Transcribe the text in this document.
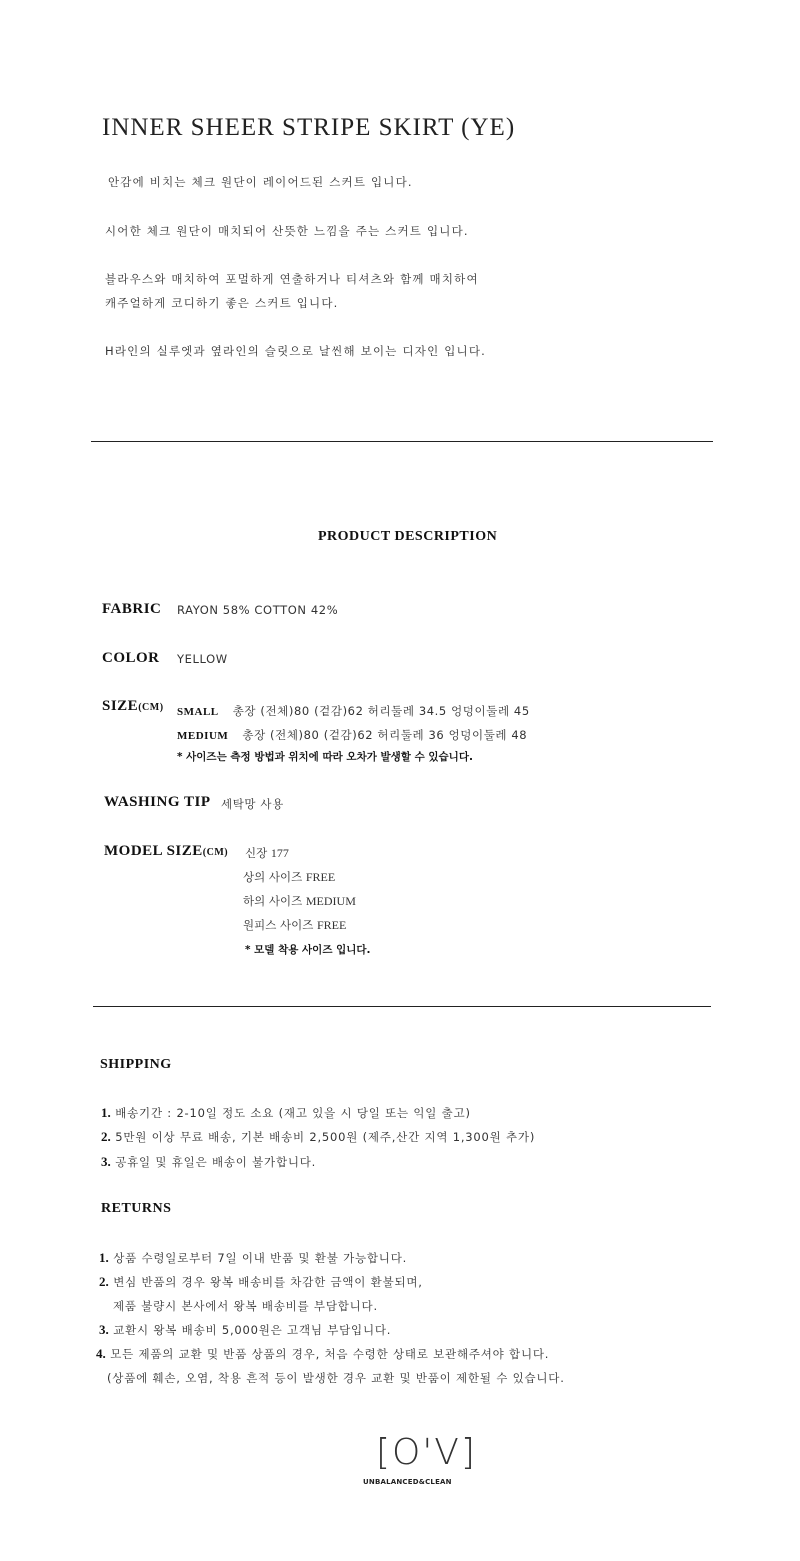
INNER SHEER STRIPE SKIRT (YE)
안감에 비치는 체크 원단이 레이어드된 스커트 입니다.
시어한 체크 원단이 매치되어 산뜻한 느낌을 주는 스커트 입니다.
블라우스와 매치하여 포멀하게 연출하거나 티셔츠와 함께 매치하여
캐주얼하게 코디하기 좋은 스커트 입니다.
H라인의 실루엣과 옆라인의 슬릿으로 날씬해 보이는 디자인 입니다.
PRODUCT DESCRIPTION
FABRIC RAYON 58% COTTON 42%
COLOR YELLOW
SIZE(CM) SMALL 총장 (전체)80 (겉감)62 허리둘레 34.5 엉덩이둘레 45
MEDIUM 총장 (전체)80 (겉감)62 허리둘레 36 엉덩이둘레 48
* 사이즈는 측정 방법과 위치에 따라 오차가 발생할 수 있습니다.
WASHING TIP 세탁망 사용
MODEL SIZE(CM) 신장 177
상의 사이즈 FREE
하의 사이즈 MEDIUM
원피스 사이즈 FREE
* 모델 착용 사이즈 입니다.
SHIPPING
1. 배송기간 : 2-10일 정도 소요 (재고 있을 시 당일 또는 익일 출고)
2. 5만원 이상 무료 배송, 기본 배송비 2,500원 (제주,산간 지역 1,300원 추가)
3. 공휴일 및 휴일은 배송이 불가합니다.
RETURNS
1. 상품 수령일로부터 7일 이내 반품 및 환불 가능합니다.
2. 변심 반품의 경우 왕복 배송비를 차감한 금액이 환불되며,
제품 불량시 본사에서 왕복 배송비를 부담합니다.
3. 교환시 왕복 배송비 5,000원은 고객님 부담입니다.
4. 모든 제품의 교환 및 반품 상품의 경우, 처음 수령한 상태로 보관해주셔야 합니다.
(상품에 훼손, 오염, 착용 흔적 등이 발생한 경우 교환 및 반품이 제한될 수 있습니다.
[O'V]
UNBALANCED&CLEAN
